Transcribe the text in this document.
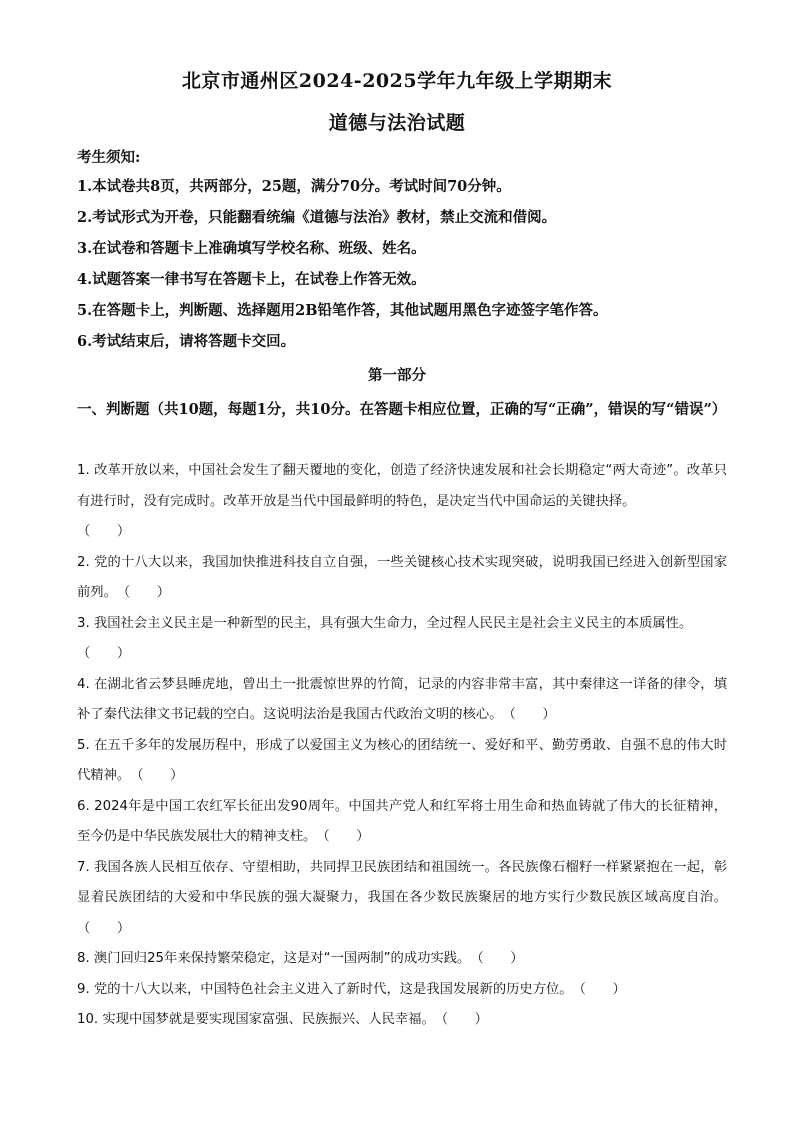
北京市通州区2024-2025学年九年级上学期期末
道德与法治试题
考生须知:
1.本试卷共8页，共两部分，25题，满分70分。考试时间70分钟。
2.考试形式为开卷，只能翻看统编《道德与法治》教材，禁止交流和借阅。
3.在试卷和答题卡上准确填写学校名称、班级、姓名。
4.试题答案一律书写在答题卡上，在试卷上作答无效。
5.在答题卡上，判断题、选择题用2B铅笔作答，其他试题用黑色字迹签字笔作答。
6.考试结束后，请将答题卡交回。
第一部分
一、判断题（共10题，每题1分，共10分。在答题卡相应位置，正确的写“正确”，错误的写“错误”）
1. 改革开放以来，中国社会发生了翻天覆地的变化，创造了经济快速发展和社会长期稳定“两大奇迹”。改革只有进行时，没有完成时。改革开放是当代中国最鲜明的特色，是决定当代中国命运的关键抉择。
（　　）
2. 党的十八大以来，我国加快推进科技自立自强，一些关键核心技术实现突破，说明我国已经进入创新型国家前列。（　　）
3. 我国社会主义民主是一种新型的民主，具有强大生命力，全过程人民民主是社会主义民主的本质属性。
（　　）
4. 在湖北省云梦县睡虎地，曾出土一批震惊世界的竹简，记录的内容非常丰富，其中秦律这一详备的律令，填补了秦代法律文书记载的空白。这说明法治是我国古代政治文明的核心。（　　）
5. 在五千多年的发展历程中，形成了以爱国主义为核心的团结统一、爱好和平、勤劳勇敢、自强不息的伟大时代精神。（　　）
6. 2024年是中国工农红军长征出发90周年。中国共产党人和红军将士用生命和热血铸就了伟大的长征精神，至今仍是中华民族发展壮大的精神支柱。（　　）
7. 我国各族人民相互依存、守望相助，共同捍卫民族团结和祖国统一。各民族像石榴籽一样紧紧抱在一起，彰显着民族团结的大爱和中华民族的强大凝聚力，我国在各少数民族聚居的地方实行少数民族区域高度自治。（　　）
8. 澳门回归25年来保持繁荣稳定，这是对“一国两制”的成功实践。（　　）
9. 党的十八大以来，中国特色社会主义进入了新时代，这是我国发展新的历史方位。（　　）
10. 实现中国梦就是要实现国家富强、民族振兴、人民幸福。（　　）
